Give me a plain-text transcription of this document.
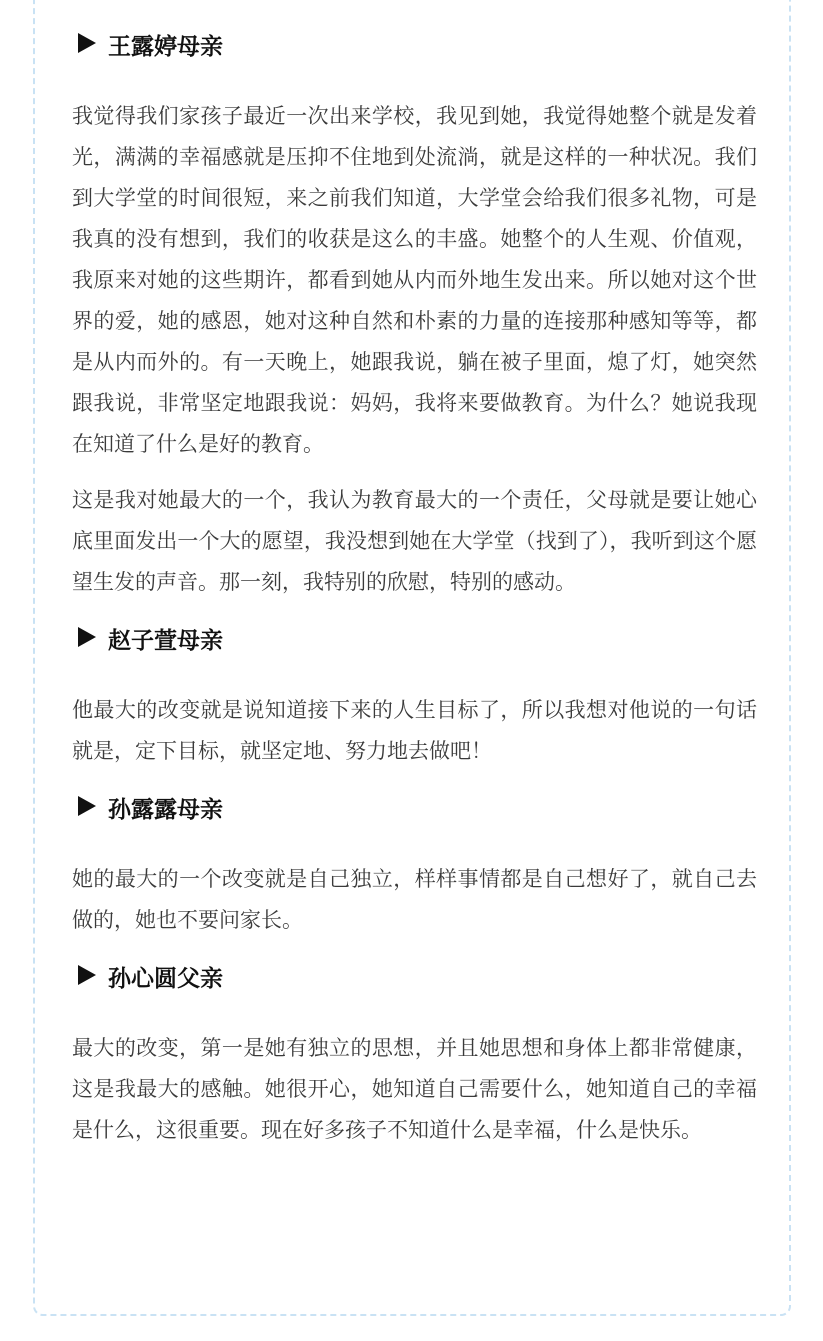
王露婷母亲

我觉得我们家孩子最近一次出来学校，我见到她，我觉得她整个就是发着光，满满的幸福感就是压抑不住地到处流淌，就是这样的一种状况。我们到大学堂的时间很短，来之前我们知道，大学堂会给我们很多礼物，可是我真的没有想到，我们的收获是这么的丰盛。她整个的人生观、价值观，我原来对她的这些期许，都看到她从内而外地生发出来。所以她对这个世界的爱，她的感恩，她对这种自然和朴素的力量的连接那种感知等等，都是从内而外的。有一天晚上，她跟我说，躺在被子里面，熄了灯，她突然跟我说，非常坚定地跟我说：妈妈，我将来要做教育。为什么？她说我现在知道了什么是好的教育。

这是我对她最大的一个，我认为教育最大的一个责任，父母就是要让她心底里面发出一个大的愿望，我没想到她在大学堂（找到了），我听到这个愿望生发的声音。那一刻，我特别的欣慰，特别的感动。

赵子萱母亲

他最大的改变就是说知道接下来的人生目标了，所以我想对他说的一句话就是，定下目标，就坚定地、努力地去做吧！

孙露露母亲

她的最大的一个改变就是自己独立，样样事情都是自己想好了，就自己去做的，她也不要问家长。

孙心圆父亲

最大的改变，第一是她有独立的思想，并且她思想和身体上都非常健康，这是我最大的感触。她很开心，她知道自己需要什么，她知道自己的幸福是什么，这很重要。现在好多孩子不知道什么是幸福，什么是快乐。
